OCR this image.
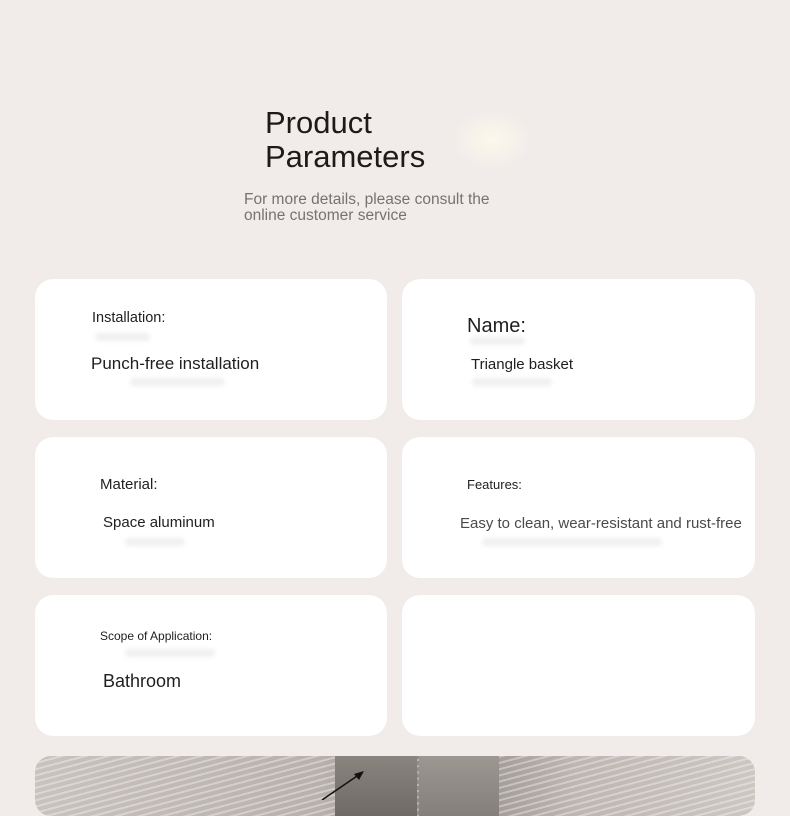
Product
Parameters
For more details, please consult the
online customer service
Installation:
Punch-free installation
Name:
Triangle basket
Material:
Space aluminum
Features:
Easy to clean, wear-resistant and rust-free
Scope of Application:
Bathroom
